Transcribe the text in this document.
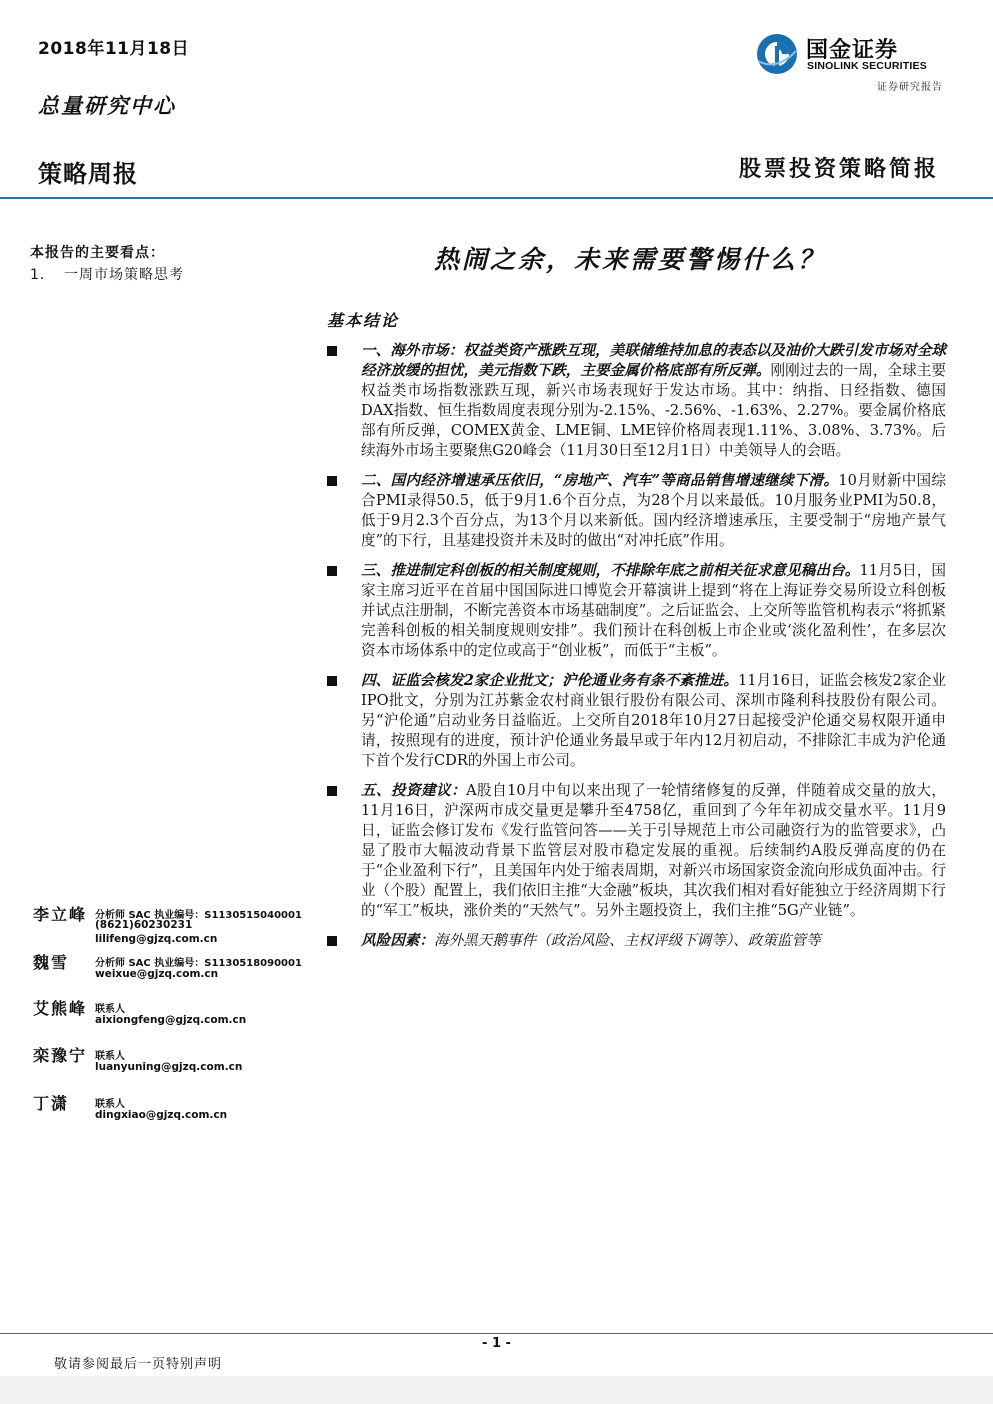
2018年11月18日
总量研究中心
策略周报	股票投资策略简报
国金证券
SINOLINK SECURITIES
证券研究报告
本报告的主要看点：
1. 一周市场策略思考
热闹之余，未来需要警惕什么？
基本结论
一、海外市场：权益类资产涨跌互现，美联储维持加息的表态以及油价大跌引发市场对全球经济放缓的担忧，美元指数下跌，主要金属价格底部有所反弹。刚刚过去的一周，全球主要权益类市场指数涨跌互现，新兴市场表现好于发达市场。其中：纳指、日经指数、德国DAX指数、恒生指数周度表现分别为-2.15%、-2.56%、-1.63%、2.27%。要金属价格底部有所反弹，COMEX黄金、LME铜、LME锌价格周表现1.11%、3.08%、3.73%。后续海外市场主要聚焦G20峰会（11月30日至12月1日）中美领导人的会晤。
二、国内经济增速承压依旧，“房地产、汽车”等商品销售增速继续下滑。10月财新中国综合PMI录得50.5，低于9月1.6个百分点，为28个月以来最低。10月服务业PMI为50.8，低于9月2.3个百分点，为13个月以来新低。国内经济增速承压，主要受制于“房地产景气度”的下行，且基建投资并未及时的做出“对冲托底”作用。
三、推进制定科创板的相关制度规则，不排除年底之前相关征求意见稿出台。11月5日，国家主席习近平在首届中国国际进口博览会开幕演讲上提到“将在上海证券交易所设立科创板并试点注册制，不断完善资本市场基础制度”。之后证监会、上交所等监管机构表示“将抓紧完善科创板的相关制度规则安排”。我们预计在科创板上市企业或‘淡化盈利性’，在多层次资本市场体系中的定位或高于“创业板”，而低于“主板”。
四、证监会核发2家企业批文；沪伦通业务有条不紊推进。11月16日，证监会核发2家企业IPO批文，分别为江苏紫金农村商业银行股份有限公司、深圳市隆利科技股份有限公司。另“沪伦通”启动业务日益临近。上交所自2018年10月27日起接受沪伦通交易权限开通申请，按照现有的进度，预计沪伦通业务最早或于年内12月初启动，不排除汇丰成为沪伦通下首个发行CDR的外国上市公司。
五、投资建议：A股自10月中旬以来出现了一轮情绪修复的反弹，伴随着成交量的放大，11月16日，沪深两市成交量更是攀升至4758亿，重回到了今年年初成交量水平。11月9日，证监会修订发布《发行监管问答——关于引导规范上市公司融资行为的监管要求》，凸显了股市大幅波动背景下监管层对股市稳定发展的重视。后续制约A股反弹高度的仍在于“企业盈利下行”，且美国年内处于缩表周期，对新兴市场国家资金流向形成负面冲击。行业（个股）配置上，我们依旧主推“大金融”板块，其次我们相对看好能独立于经济周期下行的“军工”板块，涨价类的“天然气”。另外主题投资上，我们主推“5G产业链”。
风险因素：海外黑天鹅事件（政治风险、主权评级下调等）、政策监管等
李立峰 分析师 SAC 执业编号：S1130515040001
(8621)60230231
lilifeng@gjzq.com.cn
魏雪	分析师 SAC 执业编号：S1130518090001
weixue@gjzq.com.cn
艾熊峰 联系人
aixiongfeng@gjzq.com.cn
栾豫宁 联系人
luanyuning@gjzq.com.cn
丁潇	联系人
dingxiao@gjzq.com.cn
- 1 -
敬请参阅最后一页特别声明
